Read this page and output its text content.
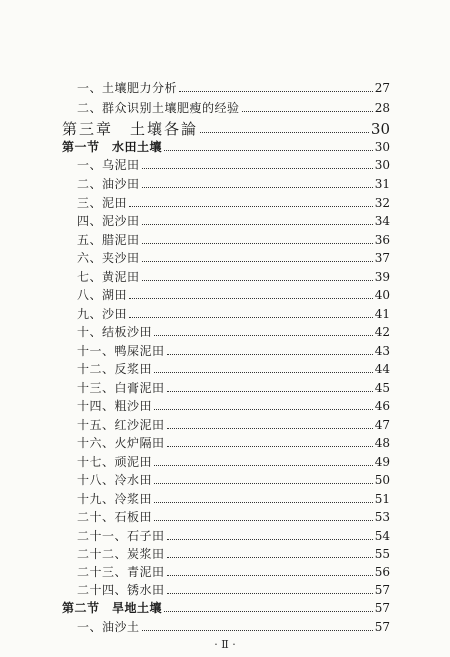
一、土壤肥力分析	27
二、群众识别土壤肥瘦的经验	28
第三章　土壤各論	30
第一节　水田土壤	30
一、乌泥田	30
二、油沙田	31
三、泥田	32
四、泥沙田	34
五、腊泥田	36
六、夹沙田	37
七、黄泥田	39
八、湖田	40
九、沙田	41
十、结板沙田	42
十一、鸭屎泥田	43
十二、反浆田	44
十三、白膏泥田	45
十四、粗沙田	46
十五、红沙泥田	47
十六、火炉隔田	48
十七、顽泥田	49
十八、冷水田	50
十九、冷浆田	51
二十、石板田	53
二十一、石子田	54
二十二、炭浆田	55
二十三、青泥田	56
二十四、锈水田	57
第二节　旱地土壤	57
一、油沙土	57
· Ⅱ ·
